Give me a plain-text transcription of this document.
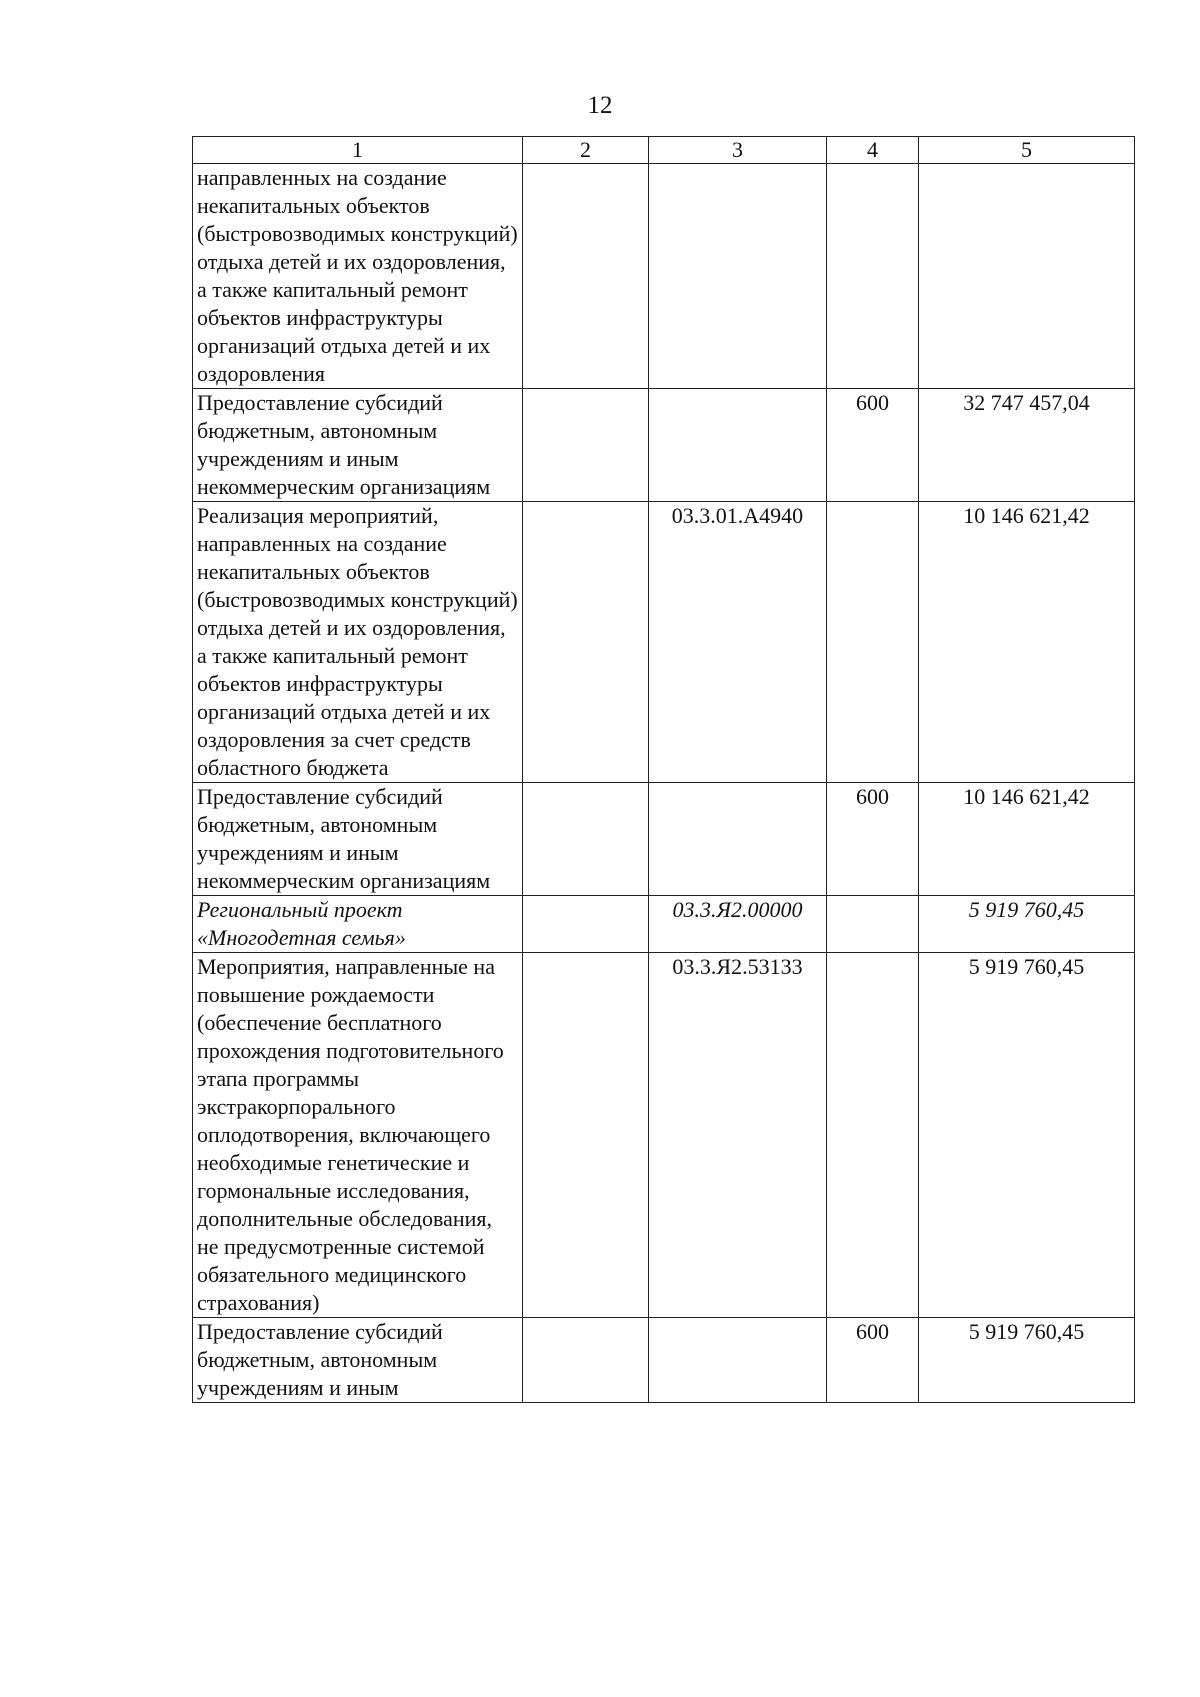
12
1	2	3	4	5
направленных на создание некапитальных объектов (быстровозводимых конструкций) отдыха детей и их оздоровления, а также капитальный ремонт объектов инфраструктуры организаций отдыха детей и их оздоровления				
Предоставление субсидий бюджетным, автономным учреждениям и иным некоммерческим организациям			600	32 747 457,04
Реализация мероприятий, направленных на создание некапитальных объектов (быстровозводимых конструкций) отдыха детей и их оздоровления, а также капитальный ремонт объектов инфраструктуры организаций отдыха детей и их оздоровления за счет средств областного бюджета		03.3.01.А4940		10 146 621,42
Предоставление субсидий бюджетным, автономным учреждениям и иным некоммерческим организациям			600	10 146 621,42
Региональный проект «Многодетная семья»		03.3.Я2.00000		5 919 760,45
Мероприятия, направленные на повышение рождаемости (обеспечение бесплатного прохождения подготовительного этапа программы экстракорпорального оплодотворения, включающего необходимые генетические и гормональные исследования, дополнительные обследования, не предусмотренные системой обязательного медицинского страхования)		03.3.Я2.53133		5 919 760,45
Предоставление субсидий бюджетным, автономным учреждениям и иным			600	5 919 760,45
